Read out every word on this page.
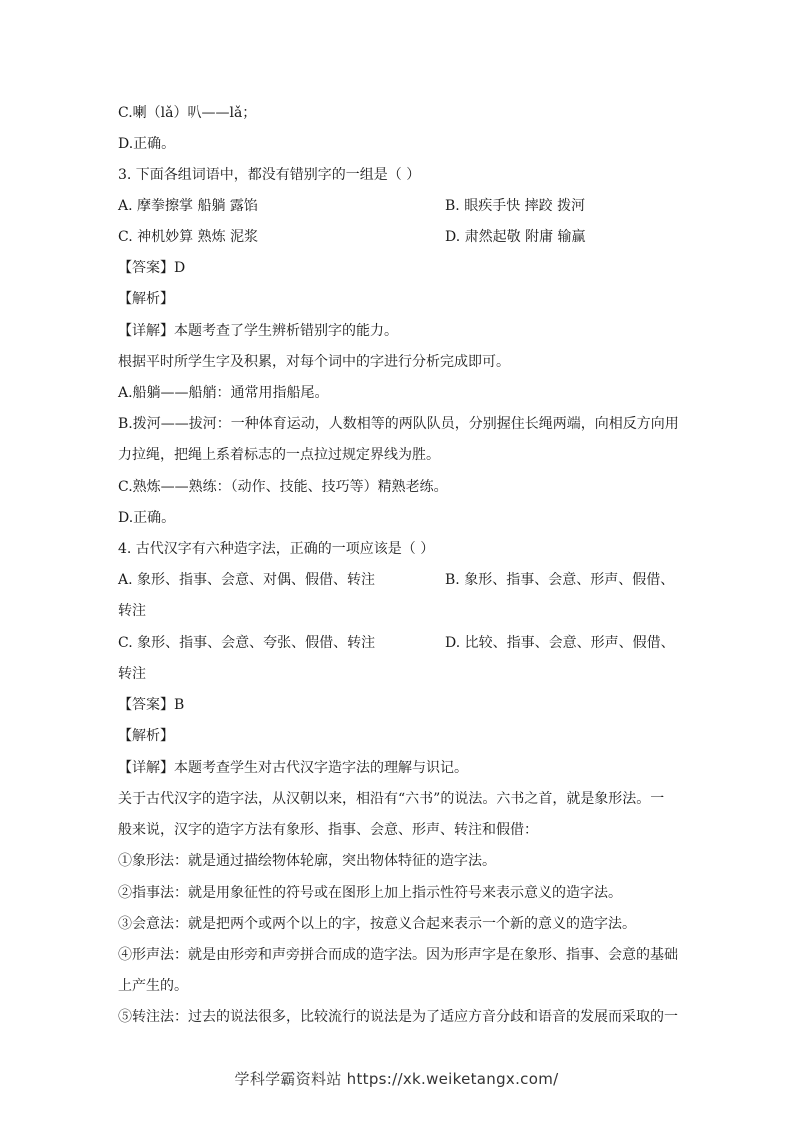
C.喇（lǎ）叭——lǎ；
D.正确。
3. 下面各组词语中，都没有错别字的一组是（ ）
A. 摩拳擦掌 船躺 露馅	B. 眼疾手快 摔跤 拨河
C. 神机妙算 熟炼 泥浆	D. 肃然起敬 附庸 输赢
【答案】D
【解析】
【详解】本题考查了学生辨析错别字的能力。
根据平时所学生字及积累，对每个词中的字进行分析完成即可。
A.船躺——船艄：通常用指船尾。
B.拨河——拔河：一种体育运动，人数相等的两队队员，分别握住长绳两端，向相反方向用
力拉绳，把绳上系着标志的一点拉过规定界线为胜。
C.熟炼——熟练：（动作、技能、技巧等）精熟老练。
D.正确。
4. 古代汉字有六种造字法，正确的一项应该是（ ）
A. 象形、指事、会意、对偶、假借、转注	B. 象形、指事、会意、形声、假借、
转注
C. 象形、指事、会意、夸张、假借、转注	D. 比较、指事、会意、形声、假借、
转注
【答案】B
【解析】
【详解】本题考查学生对古代汉字造字法的理解与识记。
关于古代汉字的造字法，从汉朝以来，相沿有“六书”的说法。六书之首，就是象形法。一
般来说，汉字的造字方法有象形、指事、会意、形声、转注和假借：
①象形法：就是通过描绘物体轮廓，突出物体特征的造字法。
②指事法：就是用象征性的符号或在图形上加上指示性符号来表示意义的造字法。
③会意法：就是把两个或两个以上的字，按意义合起来表示一个新的意义的造字法。
④形声法：就是由形旁和声旁拼合而成的造字法。因为形声字是在象形、指事、会意的基础
上产生的。
⑤转注法：过去的说法很多，比较流行的说法是为了适应方音分歧和语音的发展而采取的一
学科学霸资料站 https://xk.weiketangx.com/
